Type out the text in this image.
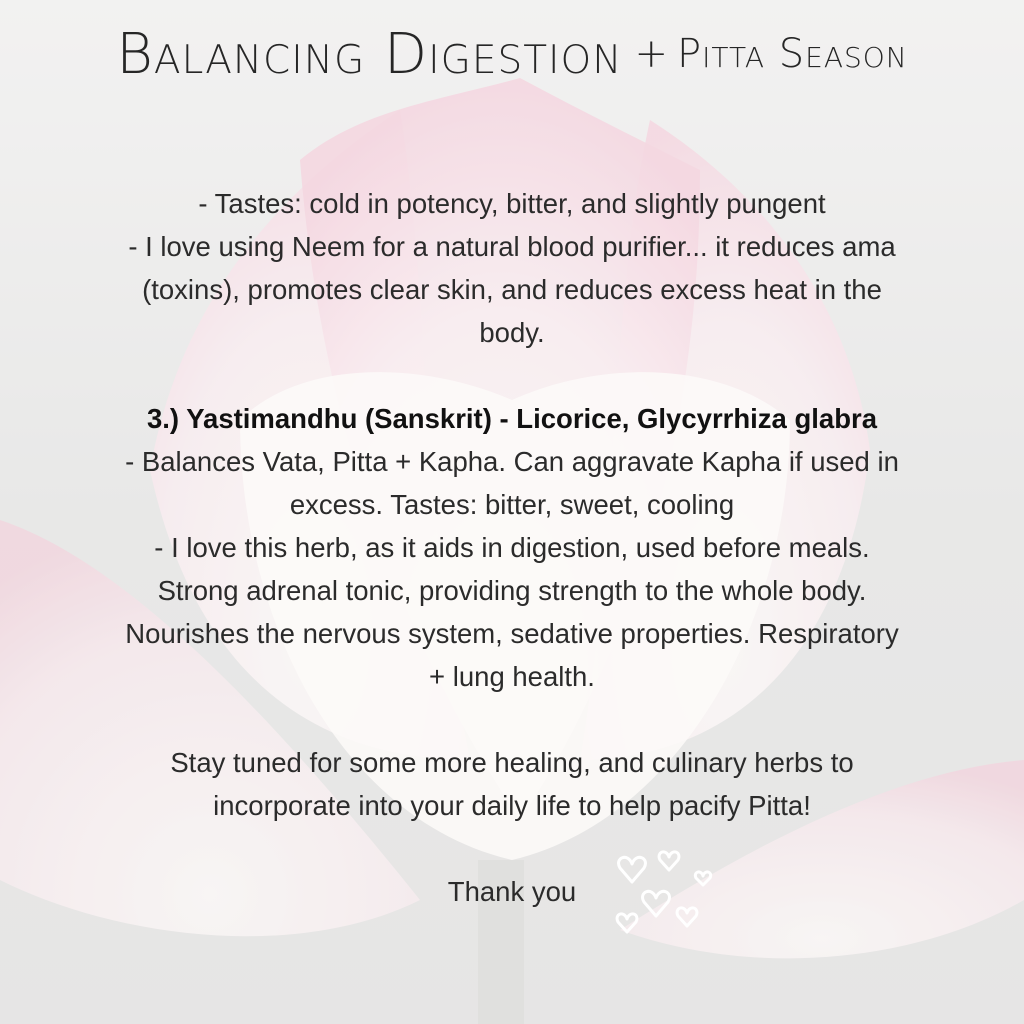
Balancing Digestion + Pitta Season

- Tastes: cold in potency, bitter, and slightly pungent

- I love using Neem for a natural blood purifier... it reduces ama (toxins), promotes clear skin, and reduces excess heat in the body.

3.) Yastimandhu (Sanskrit) - Licorice, Glycyrrhiza glabra

- Balances Vata, Pitta + Kapha. Can aggravate Kapha if used in excess. Tastes: bitter, sweet, cooling

- I love this herb, as it aids in digestion, used before meals. Strong adrenal tonic, providing strength to the whole body. Nourishes the nervous system, sedative properties. Respiratory + lung health.

Stay tuned for some more healing, and culinary herbs to incorporate into your daily life to help pacify Pitta!

Thank you
